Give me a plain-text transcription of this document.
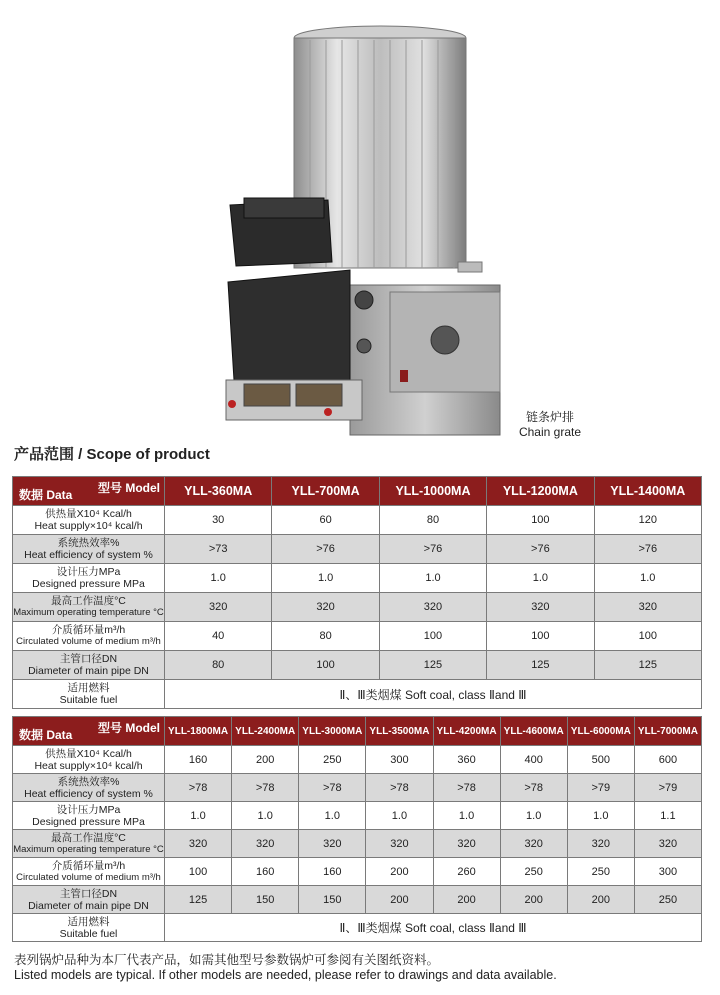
链条炉排
Chain grate
产品范围 / Scope of product
型号 Model
数据 Data	YLL-360MA	YLL-700MA	YLL-1000MA	YLL-1200MA	YLL-1400MA

供热量X10⁴ Kcal/h
Heat supply×10⁴ kcal/h	30	60	80	100	120

系统热效率%
Heat efficiency of system %	>73	>76	>76	>76	>76

设计压力MPa
Designed pressure MPa	1.0	1.0	1.0	1.0	1.0

最高工作温度°C
Maximum operating temperature °C	320	320	320	320	320

介质循环量m³/h
Circulated volume of medium m³/h	40	80	100	100	100

主管口径DN
Diameter of main pipe DN	80	100	125	125	125

适用燃料
Suitable fuel	Ⅱ、Ⅲ类烟煤 Soft coal, class Ⅱand Ⅲ				
型号 Model
数据 Data	YLL-1800MA	YLL-2400MA	YLL-3000MA	YLL-3500MA	YLL-4200MA	YLL-4600MA	YLL-6000MA	YLL-7000MA

供热量X10⁴ Kcal/h
Heat supply×10⁴ kcal/h	160	200	250	300	360	400	500	600

系统热效率%
Heat efficiency of system %	>78	>78	>78	>78	>78	>78	>79	>79

设计压力MPa
Designed pressure MPa	1.0	1.0	1.0	1.0	1.0	1.0	1.0	1.1

最高工作温度°C
Maximum operating temperature °C	320	320	320	320	320	320	320	320

介质循环量m³/h
Circulated volume of medium m³/h	100	160	160	200	260	250	250	300

主管口径DN
Diameter of main pipe DN	125	150	150	200	200	200	200	250

适用燃料
Suitable fuel	Ⅱ、Ⅲ类烟煤 Soft coal, class Ⅱand Ⅲ							
表列锅炉品种为本厂代表产品，如需其他型号参数锅炉可参阅有关图纸资料。
Listed models are typical. If other models are needed, please refer to drawings and data available.
